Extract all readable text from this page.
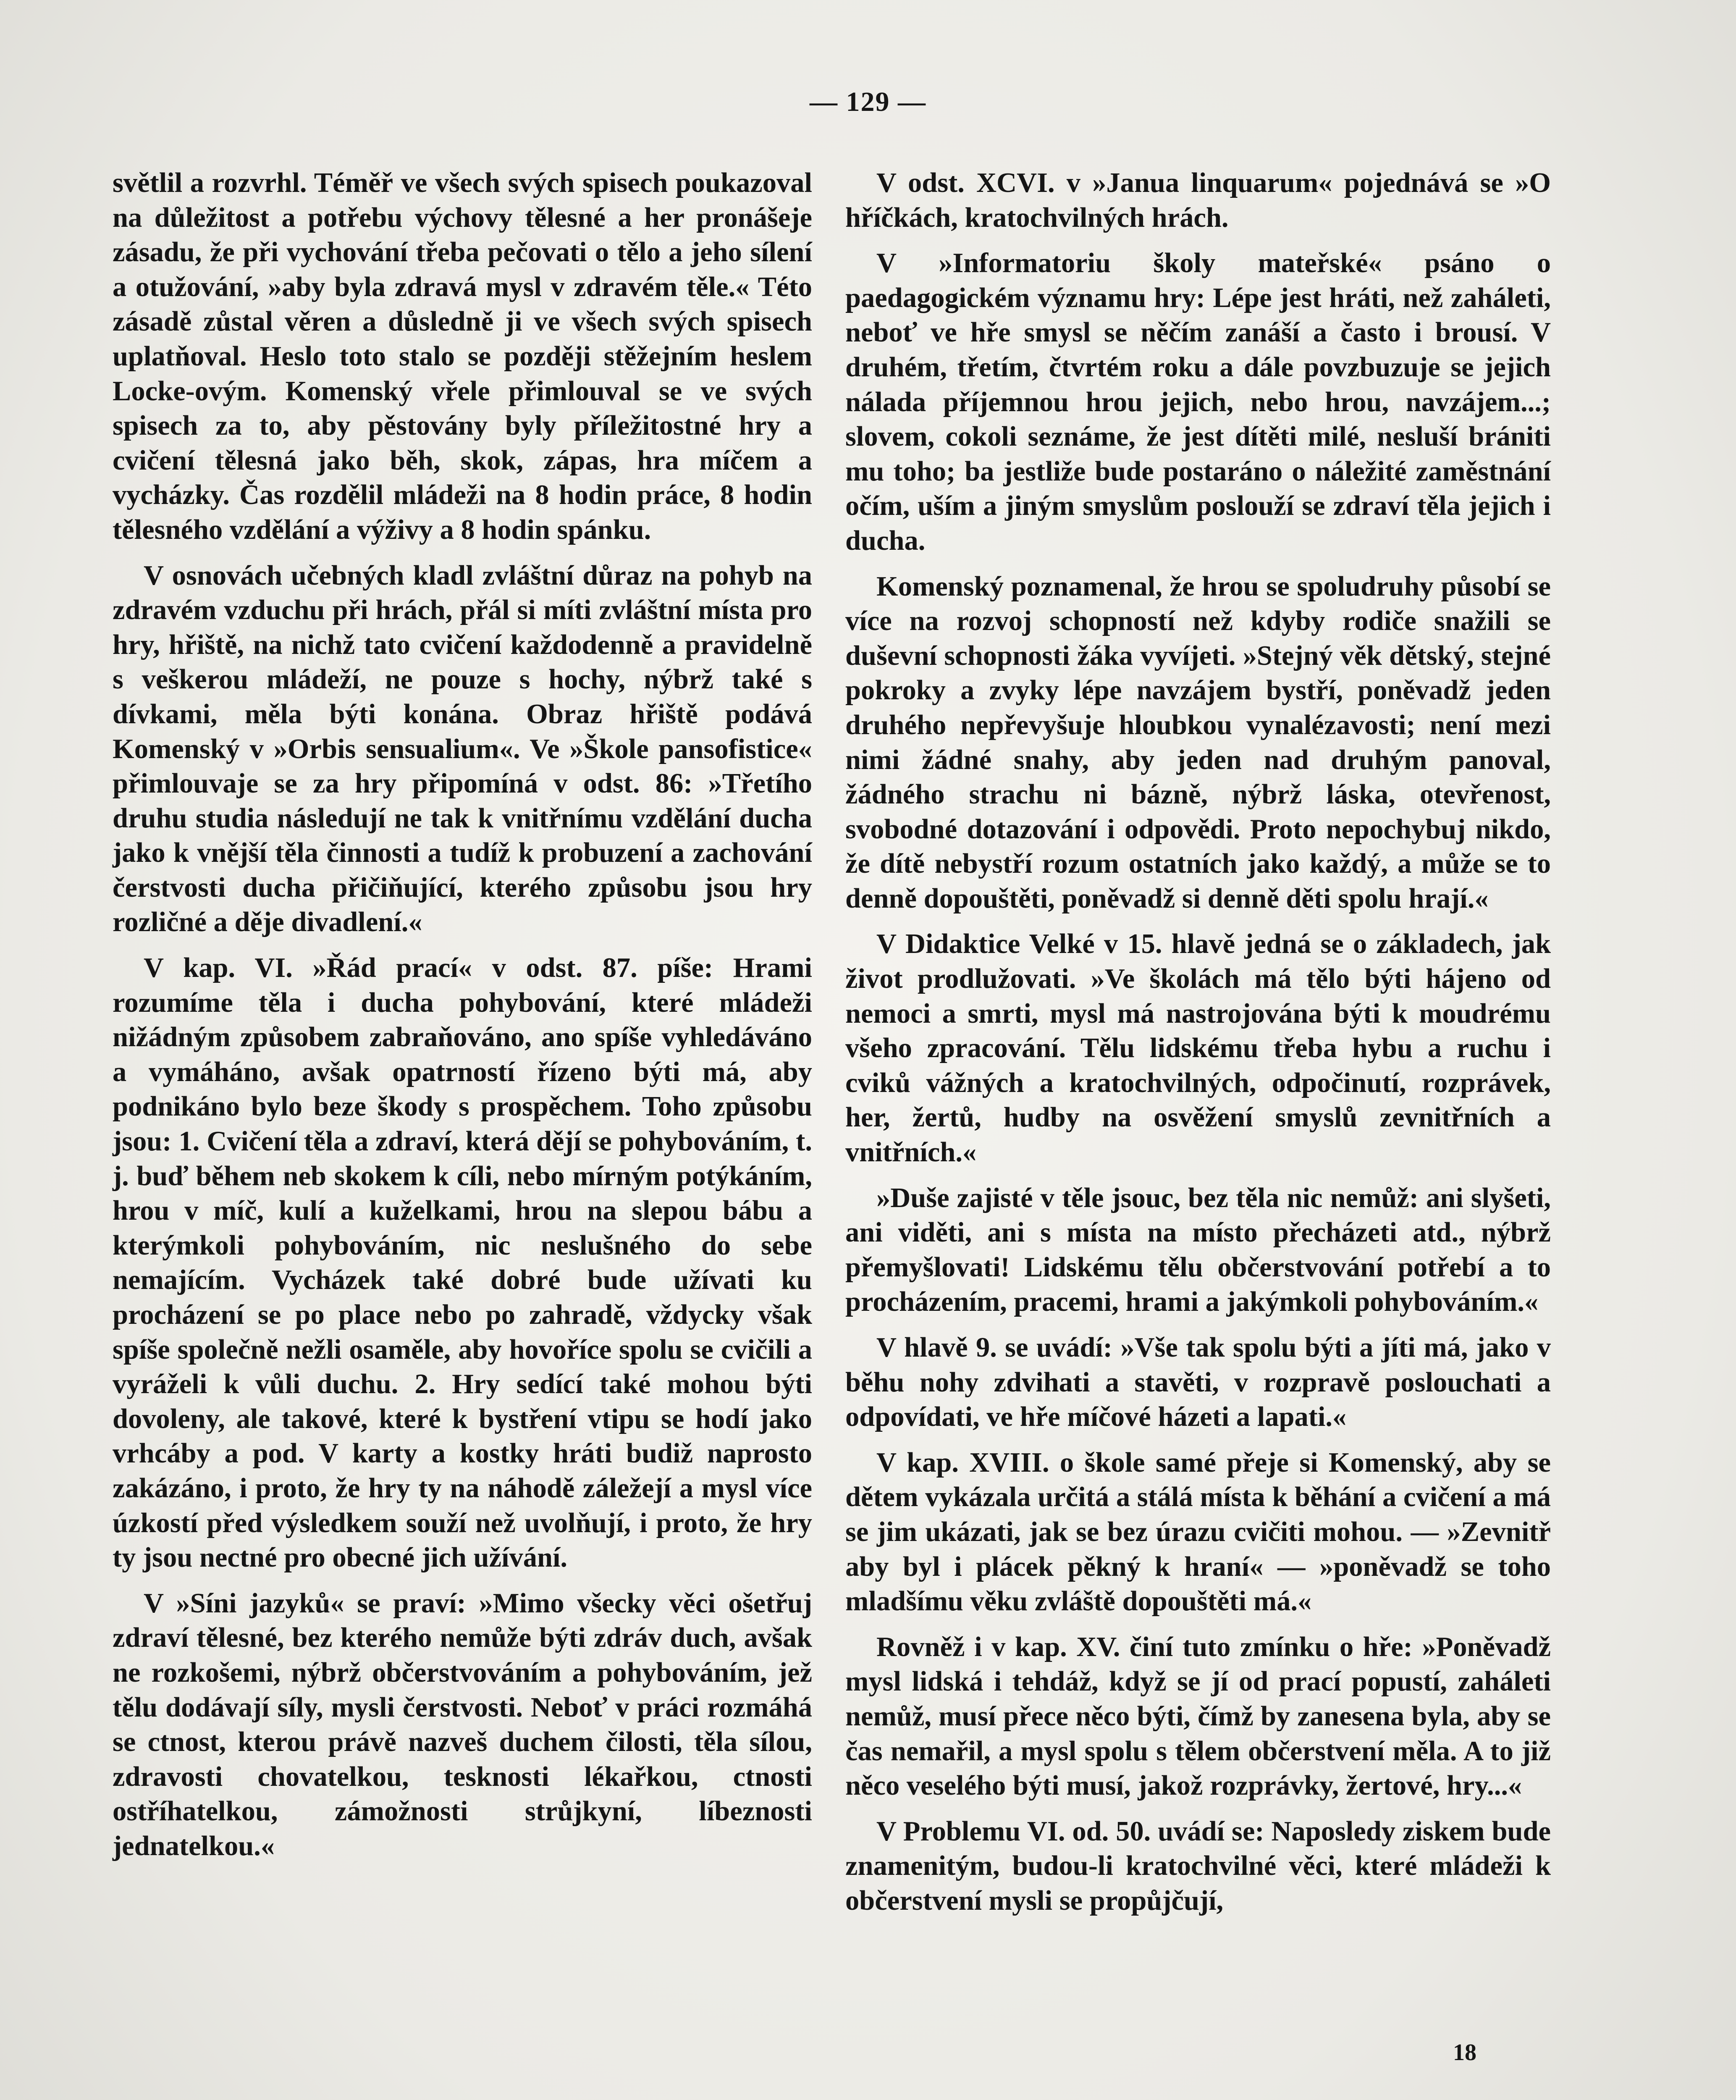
— 129 —

světlil a rozvrhl. Téměř ve všech svých spisech poukazoval na důležitost a potřebu výchovy tělesné a her pronášeje zásadu, že při vychování třeba pečovati o tělo a jeho sílení a otužování, »aby byla zdravá mysl v zdravém těle.« Této zásadě zůstal věren a důsledně ji ve všech svých spisech uplatňoval. Heslo toto stalo se později stěžejním heslem Locke-ovým. Komenský vřele přimlouval se ve svých spisech za to, aby pěstovány byly příležitostné hry a cvičení tělesná jako běh, skok, zápas, hra míčem a vycházky. Čas rozdělil mládeži na 8 hodin práce, 8 hodin tělesného vzdělání a výživy a 8 hodin spánku.

V osnovách učebných kladl zvláštní důraz na pohyb na zdravém vzduchu při hrách, přál si míti zvláštní místa pro hry, hřiště, na nichž tato cvičení každodenně a pravidelně s veškerou mládeží, ne pouze s hochy, nýbrž také s dívkami, měla býti konána. Obraz hřiště podává Komenský v »Orbis sensualium«. Ve »Škole pansofistice« přimlouvaje se za hry připomíná v odst. 86: »Třetího druhu studia následují ne tak k vnitřnímu vzdělání ducha jako k vnější těla činnosti a tudíž k probuzení a zachování čerstvosti ducha přičiňující, kterého způsobu jsou hry rozličné a děje divadlení.«

V kap. VI. »Řád prací« v odst. 87. píše: Hrami rozumíme těla i ducha pohybování, které mládeži nižádným způsobem zabraňováno, ano spíše vyhledáváno a vymáháno, avšak opatrností řízeno býti má, aby podnikáno bylo beze škody s prospěchem. Toho způsobu jsou: 1. Cvičení těla a zdraví, která dějí se pohybováním, t. j. buď během neb skokem k cíli, nebo mírným potýkáním, hrou v míč, kulí a kuželkami, hrou na slepou bábu a kterýmkoli pohybováním, nic neslušného do sebe nemajícím. Vycházek také dobré bude užívati ku procházení se po place nebo po zahradě, vždycky však spíše společně nežli osaměle, aby hovoříce spolu se cvičili a vyráželi k vůli duchu. 2. Hry sedící také mohou býti dovoleny, ale takové, které k bystření vtipu se hodí jako vrhcáby a pod. V karty a kostky hráti budiž naprosto zakázáno, i proto, že hry ty na náhodě záležejí a mysl více úzkostí před výsledkem souží než uvolňují, i proto, že hry ty jsou nectné pro obecné jich užívání.

V »Síni jazyků« se praví: »Mimo všecky věci ošetřuj zdraví tělesné, bez kterého nemůže býti zdráv duch, avšak ne rozkošemi, nýbrž občerstvováním a pohybováním, jež tělu dodávají síly, mysli čerstvosti. Neboť v práci rozmáhá se ctnost, kterou právě nazveš duchem čilosti, těla sílou, zdravosti chovatelkou, tesknosti lékařkou, ctnosti ostříhatelkou, zámožnosti strůjkyní, líbeznosti jednatelkou.«

V odst. XCVI. v »Janua linquarum« pojednává se »O hříčkách, kratochvilných hrách.

V »Informatoriu školy mateřské« psáno o paedagogickém významu hry: Lépe jest hráti, než zaháleti, neboť ve hře smysl se něčím zanáší a často i brousí. V druhém, třetím, čtvrtém roku a dále povzbuzuje se jejich nálada příjemnou hrou jejich, nebo hrou, navzájem...; slovem, cokoli seznáme, že jest dítěti milé, nesluší brániti mu toho; ba jestliže bude postaráno o náležité zaměstnání očím, uším a jiným smyslům poslouží se zdraví těla jejich i ducha.

Komenský poznamenal, že hrou se spoludruhy působí se více na rozvoj schopností než kdyby rodiče snažili se duševní schopnosti žáka vyvíjeti. »Stejný věk dětský, stejné pokroky a zvyky lépe navzájem bystří, poněvadž jeden druhého nepřevyšuje hloubkou vynalézavosti; není mezi nimi žádné snahy, aby jeden nad druhým panoval, žádného strachu ni bázně, nýbrž láska, otevřenost, svobodné dotazování i odpovědi. Proto nepochybuj nikdo, že dítě nebystří rozum ostatních jako každý, a může se to denně dopouštěti, poněvadž si denně děti spolu hrají.«

V Didaktice Velké v 15. hlavě jedná se o základech, jak život prodlužovati. »Ve školách má tělo býti hájeno od nemoci a smrti, mysl má nastrojována býti k moudrému všeho zpracování. Tělu lidskému třeba hybu a ruchu i cviků vážných a kratochvilných, odpočinutí, rozprávek, her, žertů, hudby na osvěžení smyslů zevnitřních a vnitřních.«

»Duše zajisté v těle jsouc, bez těla nic nemůž: ani slyšeti, ani viděti, ani s místa na místo přecházeti atd., nýbrž přemyšlovati! Lidskému tělu občerstvování potřebí a to procházením, pracemi, hrami a jakýmkoli pohybováním.«

V hlavě 9. se uvádí: »Vše tak spolu býti a jíti má, jako v běhu nohy zdvihati a stavěti, v rozpravě poslouchati a odpovídati, ve hře míčové házeti a lapati.«

V kap. XVIII. o škole samé přeje si Komenský, aby se dětem vykázala určitá a stálá místa k běhání a cvičení a má se jim ukázati, jak se bez úrazu cvičiti mohou. — »Zevnitř aby byl i plácek pěkný k hraní« — »poněvadž se toho mladšímu věku zvláště dopouštěti má.«

Rovněž i v kap. XV. činí tuto zmínku o hře: »Poněvadž mysl lidská i tehdáž, když se jí od prací popustí, zaháleti nemůž, musí přece něco býti, čímž by zanesena byla, aby se čas nemařil, a mysl spolu s tělem občerstvení měla. A to již něco veselého býti musí, jakož rozprávky, žertové, hry...«

V Problemu VI. od. 50. uvádí se: Naposledy ziskem bude znamenitým, budou-li kratochvilné věci, které mládeži k občerstvení mysli se propůjčují,

18
